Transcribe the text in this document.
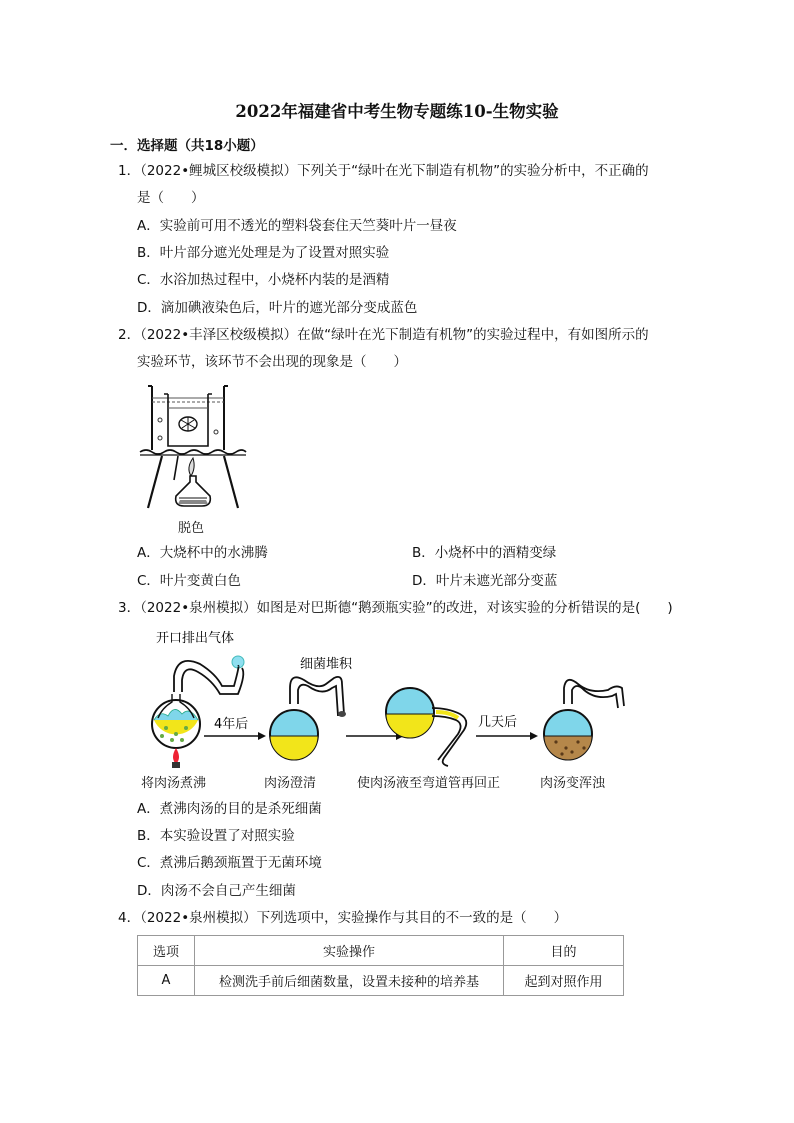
2022年福建省中考生物专题练10-生物实验
一．选择题（共18小题）
1．（2022•鲤城区校级模拟）下列关于“绿叶在光下制造有机物”的实验分析中，不正确的
是（　　）
A．实验前可用不透光的塑料袋套住天竺葵叶片一昼夜
B．叶片部分遮光处理是为了设置对照实验
C．水浴加热过程中，小烧杯内装的是酒精
D．滴加碘液染色后，叶片的遮光部分变成蓝色
2．（2022•丰泽区校级模拟）在做“绿叶在光下制造有机物”的实验过程中，有如图所示的
实验环节，该环节不会出现的现象是（　　）
脱色
A．大烧杯中的水沸腾	B．小烧杯中的酒精变绿
C．叶片变黄白色	D．叶片未遮光部分变蓝
3．（2022•泉州模拟）如图是对巴斯德“鹅颈瓶实验”的改进，对该实验的分析错误的是(　　)
开口排出气体
4年后
细菌堆积
几天后
将肉汤煮沸	肉汤澄清	使肉汤液至弯道管再回正	肉汤变浑浊
A．煮沸肉汤的目的是杀死细菌
B．本实验设置了对照实验
C．煮沸后鹅颈瓶置于无菌环境
D．肉汤不会自己产生细菌
4．（2022•泉州模拟）下列选项中，实验操作与其目的不一致的是（　　）
选项	实验操作	目的
A	检测洗手前后细菌数量，设置未接种的培养基	起到对照作用
